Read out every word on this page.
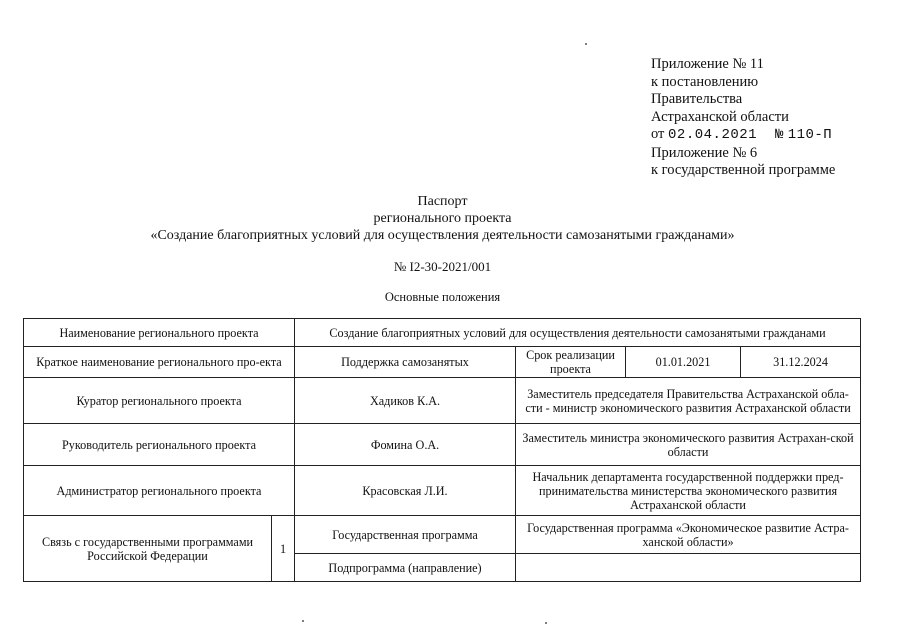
Приложение № 11
к постановлению
Правительства
Астраханской области
от 02.04.2021 № 110-П
Приложение № 6
к государственной программе
Паспорт
регионального проекта
«Создание благоприятных условий для осуществления деятельности самозанятыми гражданами»
№ I2-30-2021/001
Основные положения
Наименование регионального проекта		Создание благоприятных условий для осуществления деятельности самозанятыми гражданами			
Краткое наименование регионального про-екта		Поддержка самозанятых	Срок реализации проекта	01.01.2021	31.12.2024
Куратор регионального проекта		Хадиков К.А.	Заместитель председателя Правительства Астраханской обла-сти - министр экономического развития Астраханской области		
Руководитель регионального проекта		Фомина О.А.	Заместитель министра экономического развития Астрахан-ской области		
Администратор регионального проекта		Красовская Л.И.	Начальник департамента государственной поддержки пред-принимательства министерства экономического развития Астраханской области		
Связь с государственными программами Российской Федерации	1	Государственная программа	Государственная программа «Экономическое развитие Астра-ханской области»		
		Подпрограмма (направление)			
